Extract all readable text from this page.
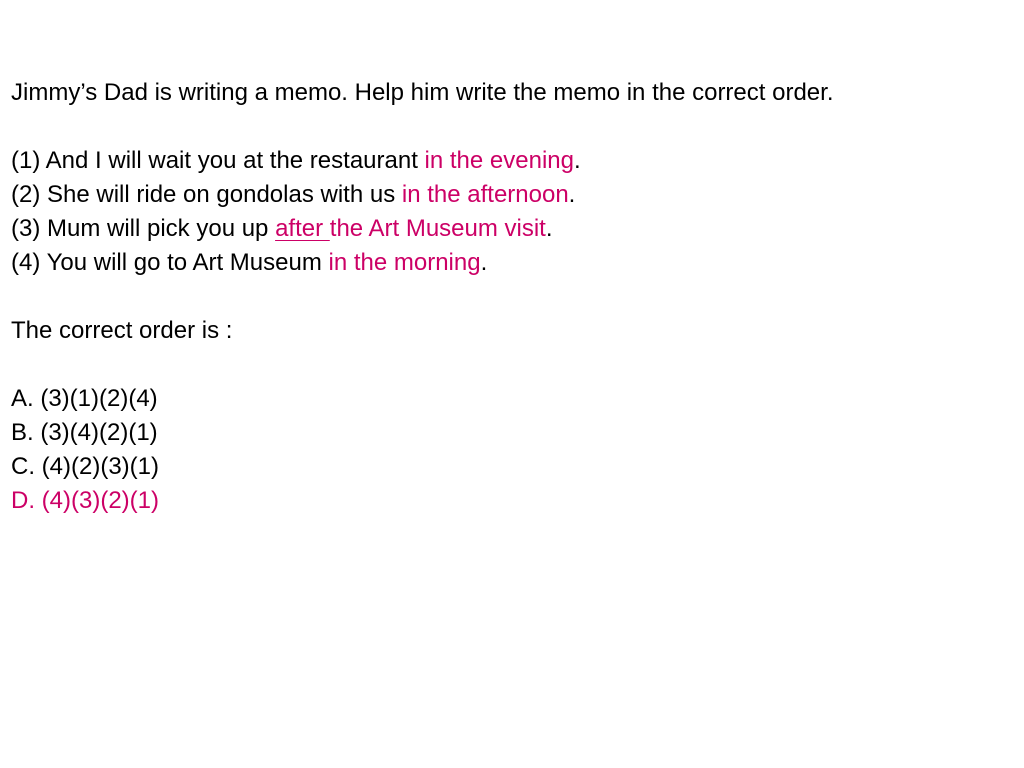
Jimmy’s Dad is writing a memo. Help him write the memo in the correct order.
(1) And I will wait you at the restaurant in the evening.
(2) She will ride on gondolas with us in the afternoon.
(3) Mum will pick you up after the Art Museum visit.
(4) You will go to Art Museum in the morning.
The correct order is :
A. (3)(1)(2)(4)
B. (3)(4)(2)(1)
C. (4)(2)(3)(1)
D. (4)(3)(2)(1)
